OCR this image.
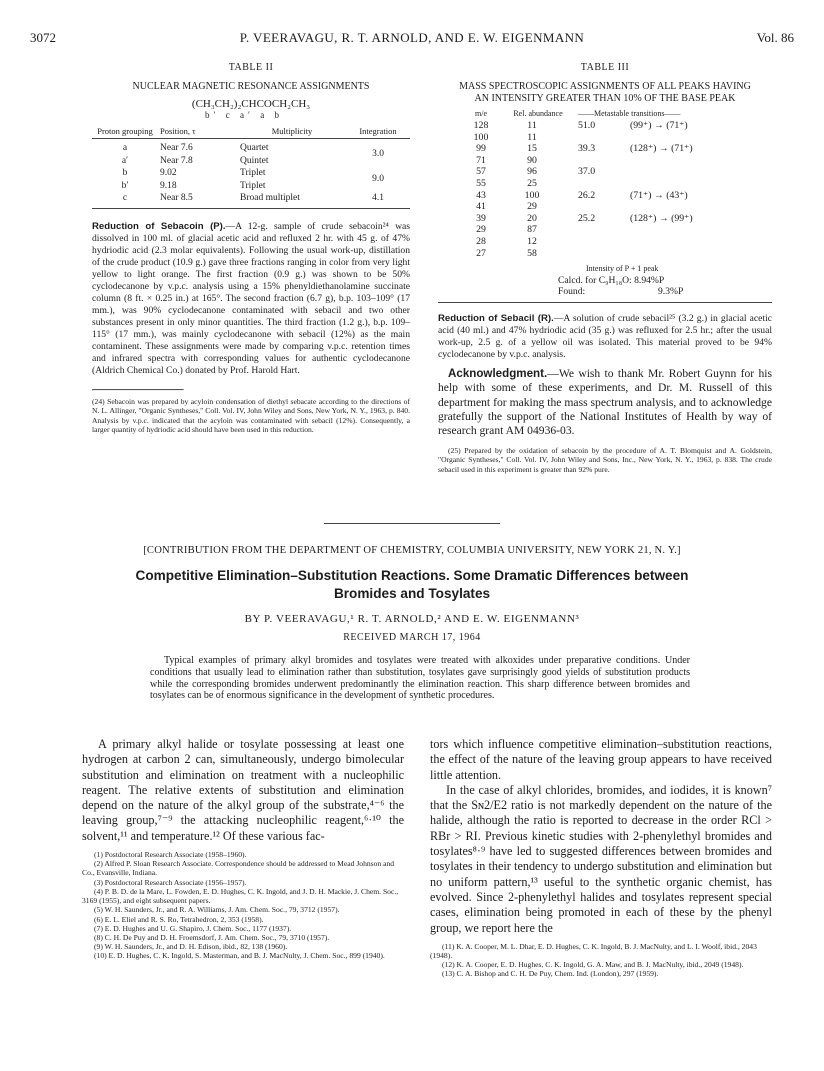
3072	P. VEERAVAGU, R. T. ARNOLD, AND E. W. EIGENMANN	Vol. 86
TABLE II
NUCLEAR MAGNETIC RESONANCE ASSIGNMENTS
(CH₃CH₂)₂CHCOCH₂CH₃
b′ c a′ a b
Proton grouping	Position, τ	Multiplicity	Integration
a	Near 7.6	Quartet	3.0
a′	Near 7.8	Quintet	
b	9.02	Triplet	9.0
b′	9.18	Triplet	
c	Near 8.5	Broad multiplet	4.1
Reduction of Sebacoin (P).—A 12-g. sample of crude sebacoin²⁴ was dissolved in 100 ml. of glacial acetic acid and refluxed 2 hr. with 45 g. of 47% hydriodic acid (2.3 molar equivalents). Following the usual work-up, distillation of the crude product (10.9 g.) gave three fractions ranging in color from very light yellow to light orange. The first fraction (0.9 g.) was shown to be 50% cyclodecanone by v.p.c. analysis using a 15% phenyldiethanolamine succinate column (8 ft. × 0.25 in.) at 165°. The second fraction (6.7 g), b.p. 103–109° (17 mm.), was 90% cyclodecanone contaminated with sebacil and two other substances present in only minor quantities. The third fraction (1.2 g.), b.p. 109–115° (17 mm.), was mainly cyclodecanone with sebacil (12%) as the main contaminent. These assignments were made by comparing v.p.c. retention times and infrared spectra with corresponding values for authentic cyclodecanone (Aldrich Chemical Co.) donated by Prof. Harold Hart.
(24) Sebacoin was prepared by acyloin condensation of diethyl sebacate according to the directions of N. L. Allinger, "Organic Syntheses," Coll. Vol. IV, John Wiley and Sons, New York, N. Y., 1963, p. 840. Analysis by v.p.c. indicated that the acyloin was contaminated with sebacil (12%). Consequently, a larger quantity of hydriodic acid should have been used in this reduction.
TABLE III
MASS SPECTROSCOPIC ASSIGNMENTS OF ALL PEAKS HAVING
AN INTENSITY GREATER THAN 10% OF THE BASE PEAK
m/e	Rel. abundance	——Metastable transitions——	
128	11	51.0	(99⁺) → (71⁺)
100	11		
99	15	39.3	(128⁺) → (71⁺)
71	90		
57	96	37.0	
55	25		
43	100	26.2	(71⁺) → (43⁺)
41	29		
39	20	25.2	(128⁺) → (99⁺)
29	87		
28	12		
27	58		
Intensity of P + 1 peak
Calcd. for C₉H₁₈O: 8.94%P
Found:	9.3%P
Reduction of Sebacil (R).—A solution of crude sebacil²⁵ (3.2 g.) in glacial acetic acid (40 ml.) and 47% hydriodic acid (35 g.) was refluxed for 2.5 hr.; after the usual work-up, 2.5 g. of a yellow oil was isolated. This material proved to be 94% cyclodecanone by v.p.c. analysis.
Acknowledgment.—We wish to thank Mr. Robert Guynn for his help with some of these experiments, and Dr. M. Russell of this department for making the mass spectrum analysis, and to acknowledge gratefully the support of the National Institutes of Health by way of research grant AM 04936-03.
(25) Prepared by the oxidation of sebacoin by the procedure of A. T. Blomquist and A. Goldstein, "Organic Syntheses," Coll. Vol. IV, John Wiley and Sons, Inc., New York, N. Y., 1963, p. 838. The crude sebacil used in this experiment is greater than 92% pure.
[CONTRIBUTION FROM THE DEPARTMENT OF CHEMISTRY, COLUMBIA UNIVERSITY, NEW YORK 21, N. Y.]
Competitive Elimination–Substitution Reactions. Some Dramatic Differences between
Bromides and Tosylates
BY P. VEERAVAGU,¹ R. T. ARNOLD,² AND E. W. EIGENMANN³
RECEIVED MARCH 17, 1964
Typical examples of primary alkyl bromides and tosylates were treated with alkoxides under preparative conditions. Under conditions that usually lead to elimination rather than substitution, tosylates gave surprisingly good yields of substitution products while the corresponding bromides underwent predominantly the elimination reaction. This sharp difference between bromides and tosylates can be of enormous significance in the development of synthetic procedures.

A primary alkyl halide or tosylate possessing at least one hydrogen at carbon 2 can, simultaneously, undergo bimolecular substitution and elimination on treatment with a nucleophilic reagent. The relative extents of substitution and elimination depend on the nature of the alkyl group of the substrate,⁴⁻⁶ the leaving group,⁷⁻⁹ the attacking nucleophilic reagent,⁶·¹⁰ the solvent,¹¹ and temperature.¹² Of these various fac-

(1) Postdoctoral Research Associate (1958–1960).
(2) Alfred P. Sloan Research Associate. Correspondence should be addressed to Mead Johnson and Co., Evansville, Indiana.
(3) Postdoctoral Research Associate (1956–1957).
(4) P. B. D. de la Mare, L. Fowden, E. D. Hughes, C. K. Ingold, and J. D. H. Mackie, J. Chem. Soc., 3169 (1955), and eight subsequent papers.
(5) W. H. Saunders, Jr., and R. A. Williams, J. Am. Chem. Soc., 79, 3712 (1957).
(6) E. L. Eliel and R. S. Ro, Tetrahedron, 2, 353 (1958).
(7) E. D. Hughes and U. G. Shapiro, J. Chem. Soc., 1177 (1937).
(8) C. H. De Puy and D. H. Froemsdorf, J. Am. Chem. Soc., 79, 3710 (1957).
(9) W. H. Saunders, Jr., and D. H. Edison, ibid., 82, 138 (1960).
(10) E. D. Hughes, C. K. Ingold, S. Masterman, and B. J. MacNulty, J. Chem. Soc., 899 (1940).

tors which influence competitive elimination–substitution reactions, the effect of the nature of the leaving group appears to have received little attention.

In the case of alkyl chlorides, bromides, and iodides, it is known⁷ that the Sɴ2/E2 ratio is not markedly dependent on the nature of the halide, although the ratio is reported to decrease in the order RCl > RBr > RI. Previous kinetic studies with 2-phenylethyl bromides and tosylates⁸·⁹ have led to suggested differences between bromides and tosylates in their tendency to undergo substitution and elimination but no uniform pattern,¹³ useful to the synthetic organic chemist, has evolved. Since 2-phenylethyl halides and tosylates represent special cases, elimination being promoted in each of these by the phenyl group, we report here the

(11) K. A. Cooper, M. L. Dhar, E. D. Hughes, C. K. Ingold, B. J. MacNulty, and L. I. Woolf, ibid., 2043 (1948).
(12) K. A. Cooper, E. D. Hughes, C. K. Ingold, G. A. Maw, and B. J. MacNulty, ibid., 2049 (1948).
(13) C. A. Bishop and C. H. De Puy, Chem. Ind. (London), 297 (1959).
